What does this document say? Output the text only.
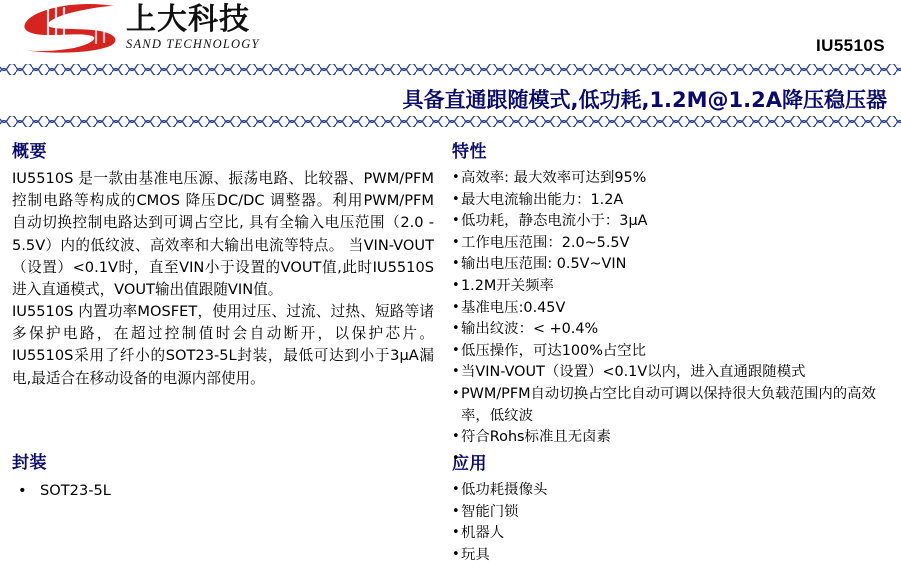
上大科技
SAND TECHNOLOGY	IU5510S
具备直通跟随模式,低功耗,1.2M@1.2A降压稳压器
概要

IU5510S 是一款由基准电压源、振荡电路、比较器、PWM/PFM 控制电路等构成的CMOS 降压DC/DC 调整器。利用PWM/PFM 自动切换控制电路达到可调占空比, 具有全输入电压范围（2.0 - 5.5V）内的低纹波、高效率和大输出电流等特点。 当VIN-VOUT（设置）<0.1V时，直至VIN小于设置的VOUT值,此时IU5510S进入直通模式，VOUT输出值跟随VIN值。

IU5510S 内置功率MOSFET，使用过压、过流、过热、短路等诸多保护电路，在超过控制值时会自动断开，以保护芯片。IU5510S采用了纤小的SOT23-5L封装，最低可达到小于3μA漏电,最适合在移动设备的电源内部使用。

封装
• SOT23-5L
特性
• 高效率: 最大效率可达到95%
• 最大电流输出能力：1.2A
• 低功耗，静态电流小于：3μA
• 工作电压范围：2.0~5.5V
• 输出电压范围: 0.5V~VIN
• 1.2M开关频率
• 基准电压:0.45V
• 输出纹波：< +0.4%
• 低压操作，可达100%占空比
• 当VIN-VOUT（设置）<0.1V以内，进入直通跟随模式
• PWM/PFM自动切换占空比自动可调以保持很大负载范围内的高效率，低纹波
• 符合Rohs标准且无卤素
应用
• 低功耗摄像头
• 智能门锁
• 机器人
• 玩具
